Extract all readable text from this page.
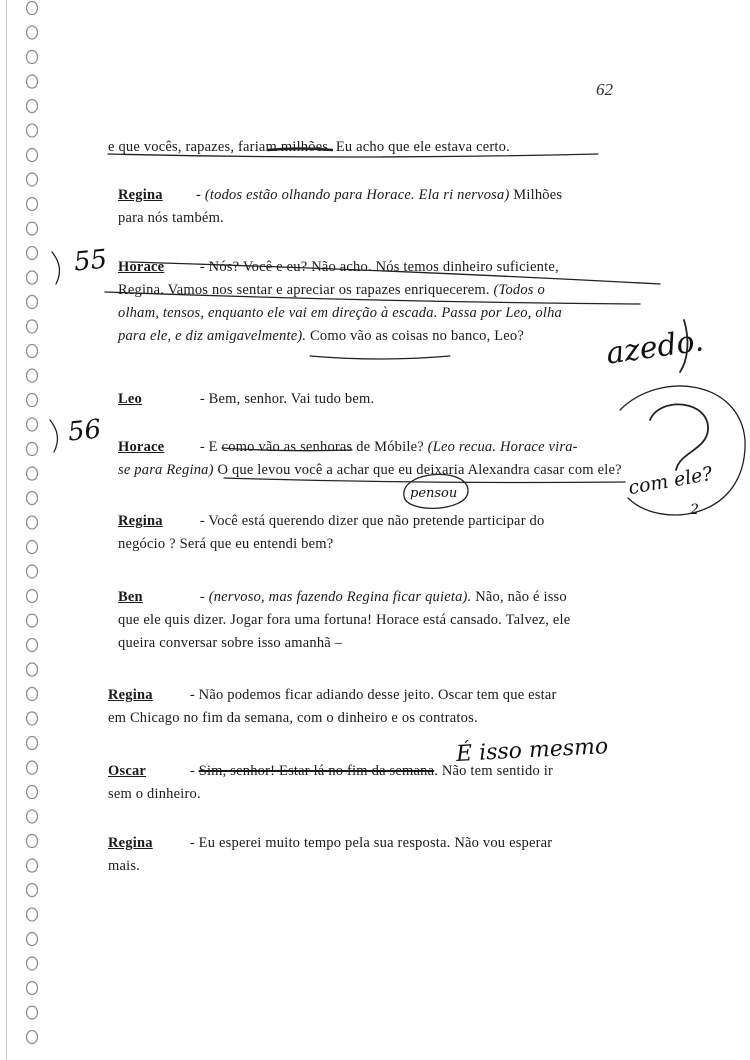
62

e que vocês, rapazes, fariam milhões. Eu acho que ele estava certo.

Regina - (todos estão olhando para Horace. Ela ri nervosa) Milhões
para nós também.

Horace - Nós? Você e eu? Não acho. Nós temos dinheiro suficiente,
Regina. Vamos nos sentar e apreciar os rapazes enriquecerem. (Todos o
olham, tensos, enquanto ele vai em direção à escada. Passa por Leo, olha
para ele, e diz amigavelmente). Como vão as coisas no banco, Leo?

Leo	- Bem, senhor. Vai tudo bem.

Horace - E como vão as senhoras de Móbile? (Leo recua. Horace vira-
se para Regina) O que levou você a achar que eu deixaria Alexandra casar com ele?

Regina - Você está querendo dizer que não pretende participar do
negócio ? Será que eu entendi bem?

Ben	- (nervoso, mas fazendo Regina ficar quieta). Não, não é isso
que ele quis dizer. Jogar fora uma fortuna! Horace está cansado. Talvez, ele
queira conversar sobre isso amanhã –

Regina - Não podemos ficar adiando desse jeito. Oscar tem que estar
em Chicago no fim da semana, com o dinheiro e os contratos.

Oscar	- Sim, senhor! Estar lá no fim da semana. Não tem sentido ir
sem o dinheiro.

Regina - Eu esperei muito tempo pela sua resposta. Não vou esperar
mais.

azedo.
pensou	com ele?
É isso mesmo
55
56
2
